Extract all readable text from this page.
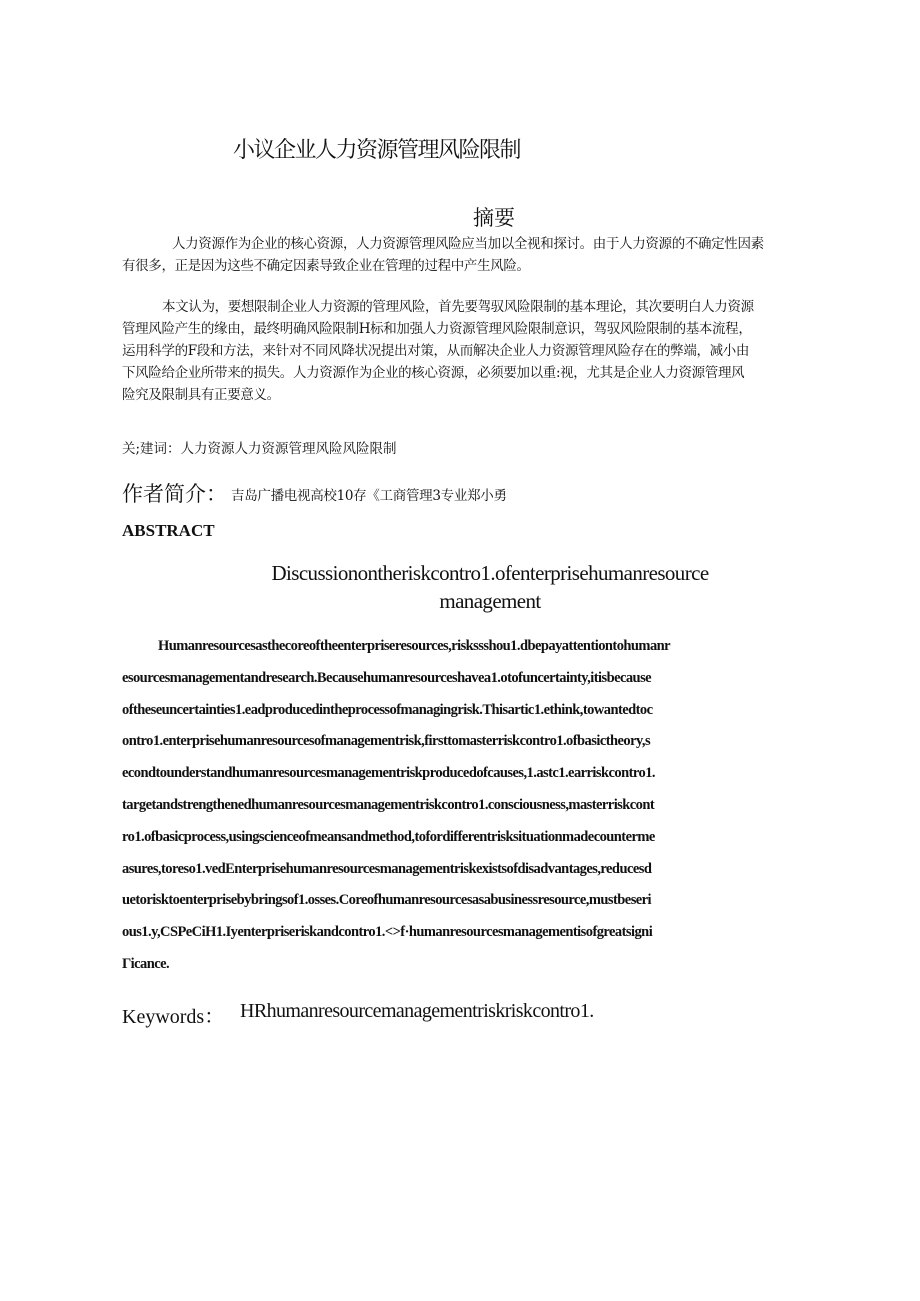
小议企业人力资源管理风险限制
摘要
人力资源作为企业的核心资源，人力资源管理风险应当加以全视和探讨。由于人力资源的不确定性因素
有很多，正是因为这些不确定因素导致企业在管理的过程中产生风险。
本文认为，要想限制企业人力资源的管理风险，首先要驾驭风险限制的基本理论，其次要明白人力资源
管理风险产生的缘由，最终明确风险限制H标和加强人力资源管理风险限制意识，驾驭风险限制的基本流程，
运用科学的F段和方法，来针对不同风降状况提出对策，从而解决企业人力资源管理风险存在的弊端，减小由
下风险给企业所带来的损失。人力资源作为企业的核心资源，必须要加以重:视，尤其是企业人力资源管理风
险究及限制具有正要意义。
关;建词：人力资源人力资源管理风险风险限制
作者简介： 吉岛广播电视高校10存《工商管理3专业郑小勇
ABSTRACT
Discussionontheriskcontro1.ofenterprisehumanresource
management
Humanresourcesasthecoreoftheenterpriseresources,riskssshou1.dbepayattentiontohumanr
esourcesmanagementandresearch.Becausehumanresourceshavea1.otofuncertainty,itisbecause
oftheseuncertainties1.eadproducedintheprocessofmanagingrisk.Thisartic1.ethink,towantedtoc
ontro1.enterprisehumanresourcesofmanagementrisk,firsttomasterriskcontro1.ofbasictheory,s
econdtounderstandhumanresourcesmanagementriskproducedofcauses,1.astc1.earriskcontro1.
targetandstrengthenedhumanresourcesmanagementriskcontro1.consciousness,masterriskcont
ro1.ofbasicprocess,usingscienceofmeansandmethod,tofordifferentrisksituationmadecounterme
asures,toreso1.vedEnterprisehumanresourcesmanagementriskexistsofdisadvantages,reducesd
uetorisktoenterprisebybringsof1.osses.Coreofhumanresourcesasabusinessresource,mustbeseri
ous1.y,CSPeCiH1.Iyenterpriseriskandcontro1.<>f·humanresourcesmanagementisofgreatsigni
Γicance.
Keywords： HRhumanresourcemanagementriskriskcontro1.
